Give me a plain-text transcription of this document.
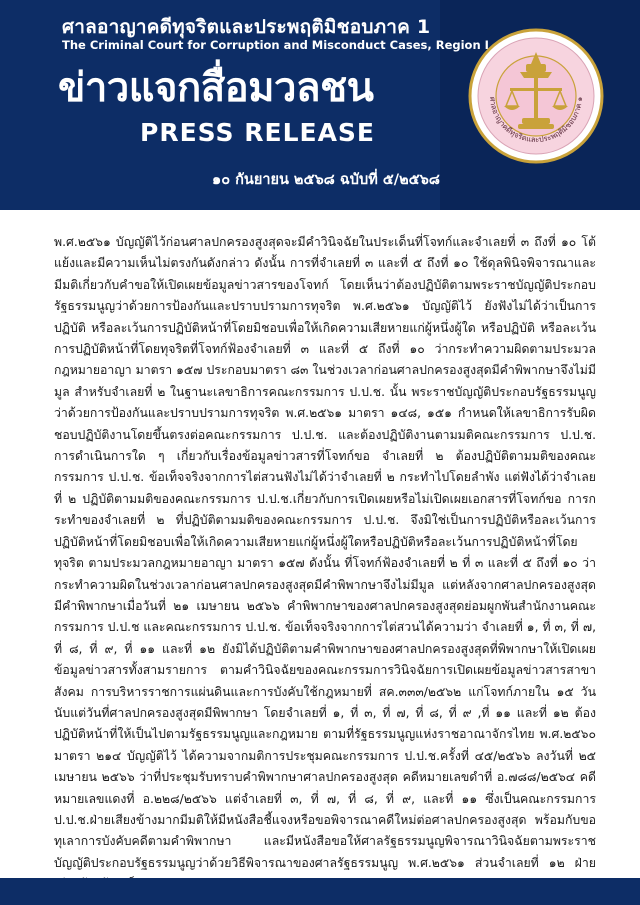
ศาลอาญาคดีทุจริตและประพฤติมิชอบภาค 1
The Criminal Court for Corruption and Misconduct Cases, Region I
ข่าวแจกสื่อมวลชน
PRESS RELEASE
๑๐ กันยายน ๒๕๖๘ ฉบับที่ ๕/๒๕๖๘
ศาลอาญาคดีทุจริตและประพฤติมิชอบภาค ๑
พ.ศ.๒๕๖๑ บัญญัติไว้ก่อนศาลปกครองสูงสุดจะมีคำวินิจฉัยในประเด็นที่โจทก์และจำเลยที่ ๓ ถึงที่ ๑๐ โต้แย้งและมีความเห็นไม่ตรงกันดังกล่าว ดังนั้น การที่จำเลยที่ ๓ และที่ ๕ ถึงที่ ๑๐ ใช้ดุลพินิจพิจารณาและมีมติเกี่ยวกับคำขอให้เปิดเผยข้อมูลข่าวสารของโจทก์ โดยเห็นว่าต้องปฏิบัติตามพระราชบัญญัติประกอบรัฐธรรมนูญว่าด้วยการป้องกันและปราบปรามการทุจริต พ.ศ.๒๕๖๑ บัญญัติไว้ ยังฟังไม่ได้ว่าเป็นการปฏิบัติ หรือละเว้นการปฏิบัติหน้าที่โดยมิชอบเพื่อให้เกิดความเสียหายแก่ผู้หนึ่งผู้ใด หรือปฏิบัติ หรือละเว้นการปฏิบัติหน้าที่โดยทุจริตที่โจทก์ฟ้องจำเลยที่ ๓ และที่ ๕ ถึงที่ ๑๐ ว่ากระทำความผิดตามประมวลกฎหมายอาญา มาตรา ๑๕๗ ประกอบมาตรา ๘๓ ในช่วงเวลาก่อนศาลปกครองสูงสุดมีคำพิพากษาจึงไม่มีมูล สำหรับจำเลยที่ ๒ ในฐานะเลขาธิการคณะกรรมการ ป.ป.ช. นั้น พระราชบัญญัติประกอบรัฐธรรมนูญว่าด้วยการป้องกันและปราบปรามการทุจริต พ.ศ.๒๕๖๑ มาตรา ๑๔๘, ๑๕๑ กำหนดให้เลขาธิการรับผิดชอบปฏิบัติงานโดยขึ้นตรงต่อคณะกรรมการ ป.ป.ช. และต้องปฏิบัติงานตามมติคณะกรรมการ ป.ป.ช. การดำเนินการใด ๆ เกี่ยวกับเรื่องข้อมูลข่าวสารที่โจทก์ขอ จำเลยที่ ๒ ต้องปฏิบัติตามมติของคณะกรรมการ ป.ป.ช. ข้อเท็จจริงจากการไต่สวนฟังไม่ได้ว่าจำเลยที่ ๒ กระทำไปโดยลำพัง แต่ฟังได้ว่าจำเลยที่ ๒ ปฏิบัติตามมติของคณะกรรมการ ป.ป.ช.เกี่ยวกับการเปิดเผยหรือไม่เปิดเผยเอกสารที่โจทก์ขอ การกระทำของจำเลยที่ ๒ ที่ปฏิบัติตามมติของคณะกรรมการ ป.ป.ช. จึงมิใช่เป็นการปฏิบัติหรือละเว้นการปฏิบัติหน้าที่โดยมิชอบเพื่อให้เกิดความเสียหายแก่ผู้หนึ่งผู้ใดหรือปฏิบัติหรือละเว้นการปฏิบัติหน้าที่โดยทุจริต ตามประมวลกฎหมายอาญา มาตรา ๑๕๗ ดังนั้น ที่โจทก์ฟ้องจำเลยที่ ๒ ที่ ๓ และที่ ๕ ถึงที่ ๑๐ ว่ากระทำความผิดในช่วงเวลาก่อนศาลปกครองสูงสุดมีคำพิพากษาจึงไม่มีมูล แต่หลังจากศาลปกครองสูงสุดมีคำพิพากษาเมื่อวันที่ ๒๑ เมษายน ๒๕๖๖ คำพิพากษาของศาลปกครองสูงสุดย่อมผูกพันสำนักงานคณะกรรมการ ป.ป.ช และคณะกรรมการ ป.ป.ช. ข้อเท็จจริงจากการไต่สวนได้ความว่า จำเลยที่ ๑, ที่ ๓, ที่ ๗, ที่ ๘, ที่ ๙, ที่ ๑๑ และที่ ๑๒ ยังมิได้ปฏิบัติตามคำพิพากษาของศาลปกครองสูงสุดที่พิพากษาให้เปิดเผยข้อมูลข่าวสารทั้งสามรายการ ตามคำวินิจฉัยของคณะกรรมการวินิจฉัยการเปิดเผยข้อมูลข่าวสารสาขาสังคม การบริหารราชการแผ่นดินและการบังคับใช้กฎหมายที่ สค.๓๓๓/๒๕๖๒ แก่โจทก์ภายใน ๑๕ วันนับแต่วันที่ศาลปกครองสูงสุดมีพิพากษา โดยจำเลยที่ ๑, ที่ ๓, ที่ ๗, ที่ ๘, ที่ ๙ ,ที่ ๑๑ และที่ ๑๒ ต้องปฏิบัติหน้าที่ให้เป็นไปตามรัฐธรรมนูญและกฎหมาย ตามที่รัฐธรรมนูญแห่งราชอาณาจักรไทย พ.ศ.๒๕๖๐ มาตรา ๒๑๔ บัญญัติไว้ ได้ความจากมติการประชุมคณะกรรมการ ป.ป.ช.ครั้งที่ ๔๕/๒๕๖๖ ลงวันที่ ๒๕ เมษายน ๒๕๖๖ ว่าที่ประชุมรับทราบคำพิพากษาศาลปกครองสูงสุด คดีหมายเลขดำที่ อ.๗๘๘/๒๕๖๔ คดีหมายเลขแดงที่ อ.๒๒๘/๒๕๖๖ แต่จำเลยที่ ๓, ที่ ๗, ที่ ๘, ที่ ๙, และที่ ๑๑ ซึ่งเป็นคณะกรรมการ ป.ป.ช.ฝ่ายเสียงข้างมากมีมติให้มีหนังสือชี้แจงหรือขอพิจารณาคดีใหม่ต่อศาลปกครองสูงสุด พร้อมกับขอทุเลาการบังคับคดีตามคำพิพากษา และมีหนังสือขอให้ศาลรัฐธรรมนูญพิจารณาวินิจฉัยตามพระราชบัญญัติประกอบรัฐธรรมนูญว่าด้วยวิธีพิจารณาของศาลรัฐธรรมนูญ พ.ศ.๒๕๖๑ ส่วนจำเลยที่ ๑๒ ฝ่าย
